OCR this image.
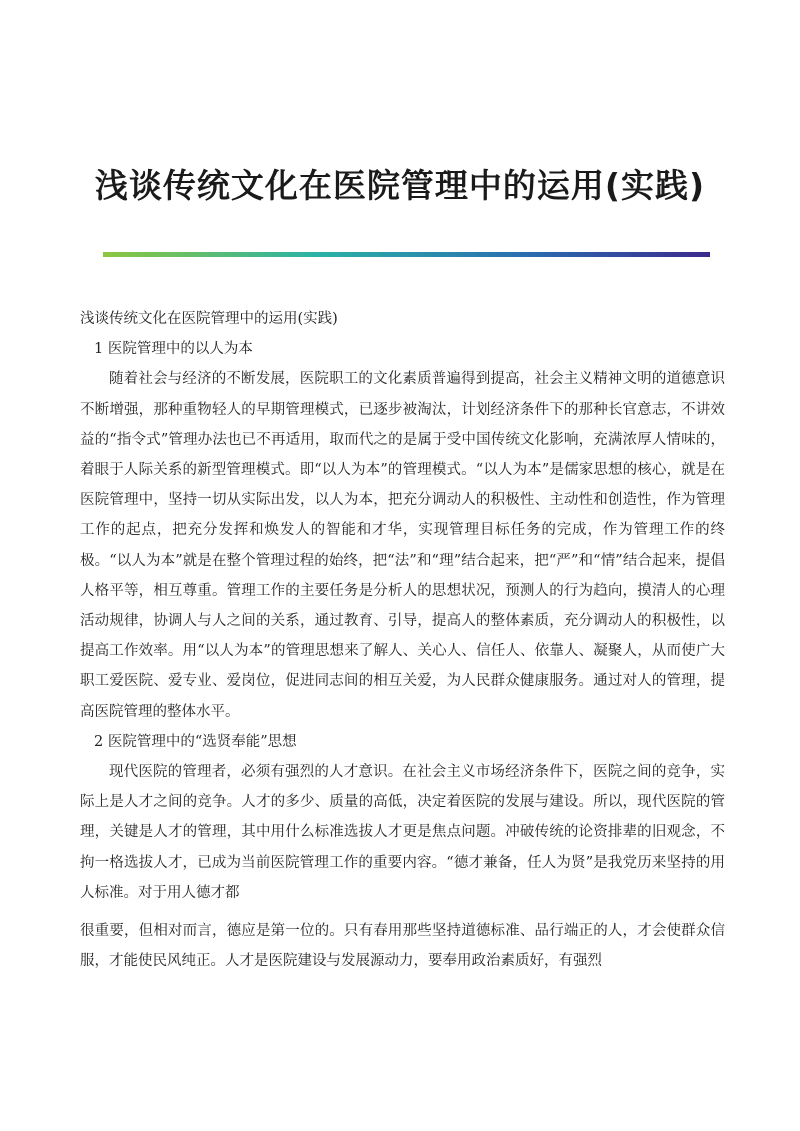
浅谈传统文化在医院管理中的运用(实践)

浅谈传统文化在医院管理中的运用(实践)

1 医院管理中的以人为本

随着社会与经济的不断发展，医院职工的文化素质普遍得到提高，社会主义精神文明的道德意识不断增强，那种重物轻人的早期管理模式，已逐步被淘汰，计划经济条件下的那种长官意志，不讲效益的“指令式”管理办法也已不再适用，取而代之的是属于受中国传统文化影响，充满浓厚人情味的，着眼于人际关系的新型管理模式。即“以人为本”的管理模式。“以人为本”是儒家思想的核心，就是在医院管理中，坚持一切从实际出发，以人为本，把充分调动人的积极性、主动性和创造性，作为管理工作的起点，把充分发挥和焕发人的智能和才华，实现管理目标任务的完成，作为管理工作的终极。“以人为本”就是在整个管理过程的始终，把“法”和“理”结合起来，把“严”和“情”结合起来，提倡人格平等，相互尊重。管理工作的主要任务是分析人的思想状况，预测人的行为趋向，摸清人的心理活动规律，协调人与人之间的关系，通过教育、引导，提高人的整体素质，充分调动人的积极性，以提高工作效率。用“以人为本”的管理思想来了解人、关心人、信任人、依靠人、凝聚人，从而使广大职工爱医院、爱专业、爱岗位，促进同志间的相互关爱，为人民群众健康服务。通过对人的管理，提高医院管理的整体水平。

2 医院管理中的“选贤奉能”思想

现代医院的管理者，必须有强烈的人才意识。在社会主义市场经济条件下，医院之间的竞争，实际上是人才之间的竞争。人才的多少、质量的高低，决定着医院的发展与建设。所以，现代医院的管理，关键是人才的管理，其中用什么标准选拔人才更是焦点问题。冲破传统的论资排辈的旧观念，不拘一格选拔人才，已成为当前医院管理工作的重要内容。“德才兼备，任人为贤”是我党历来坚持的用人标准。对于用人德才都

很重要，但相对而言，德应是第一位的。只有春用那些坚持道德标准、品行端正的人，才会使群众信服，才能使民风纯正。人才是医院建设与发展源动力，要奉用政治素质好，有强烈
